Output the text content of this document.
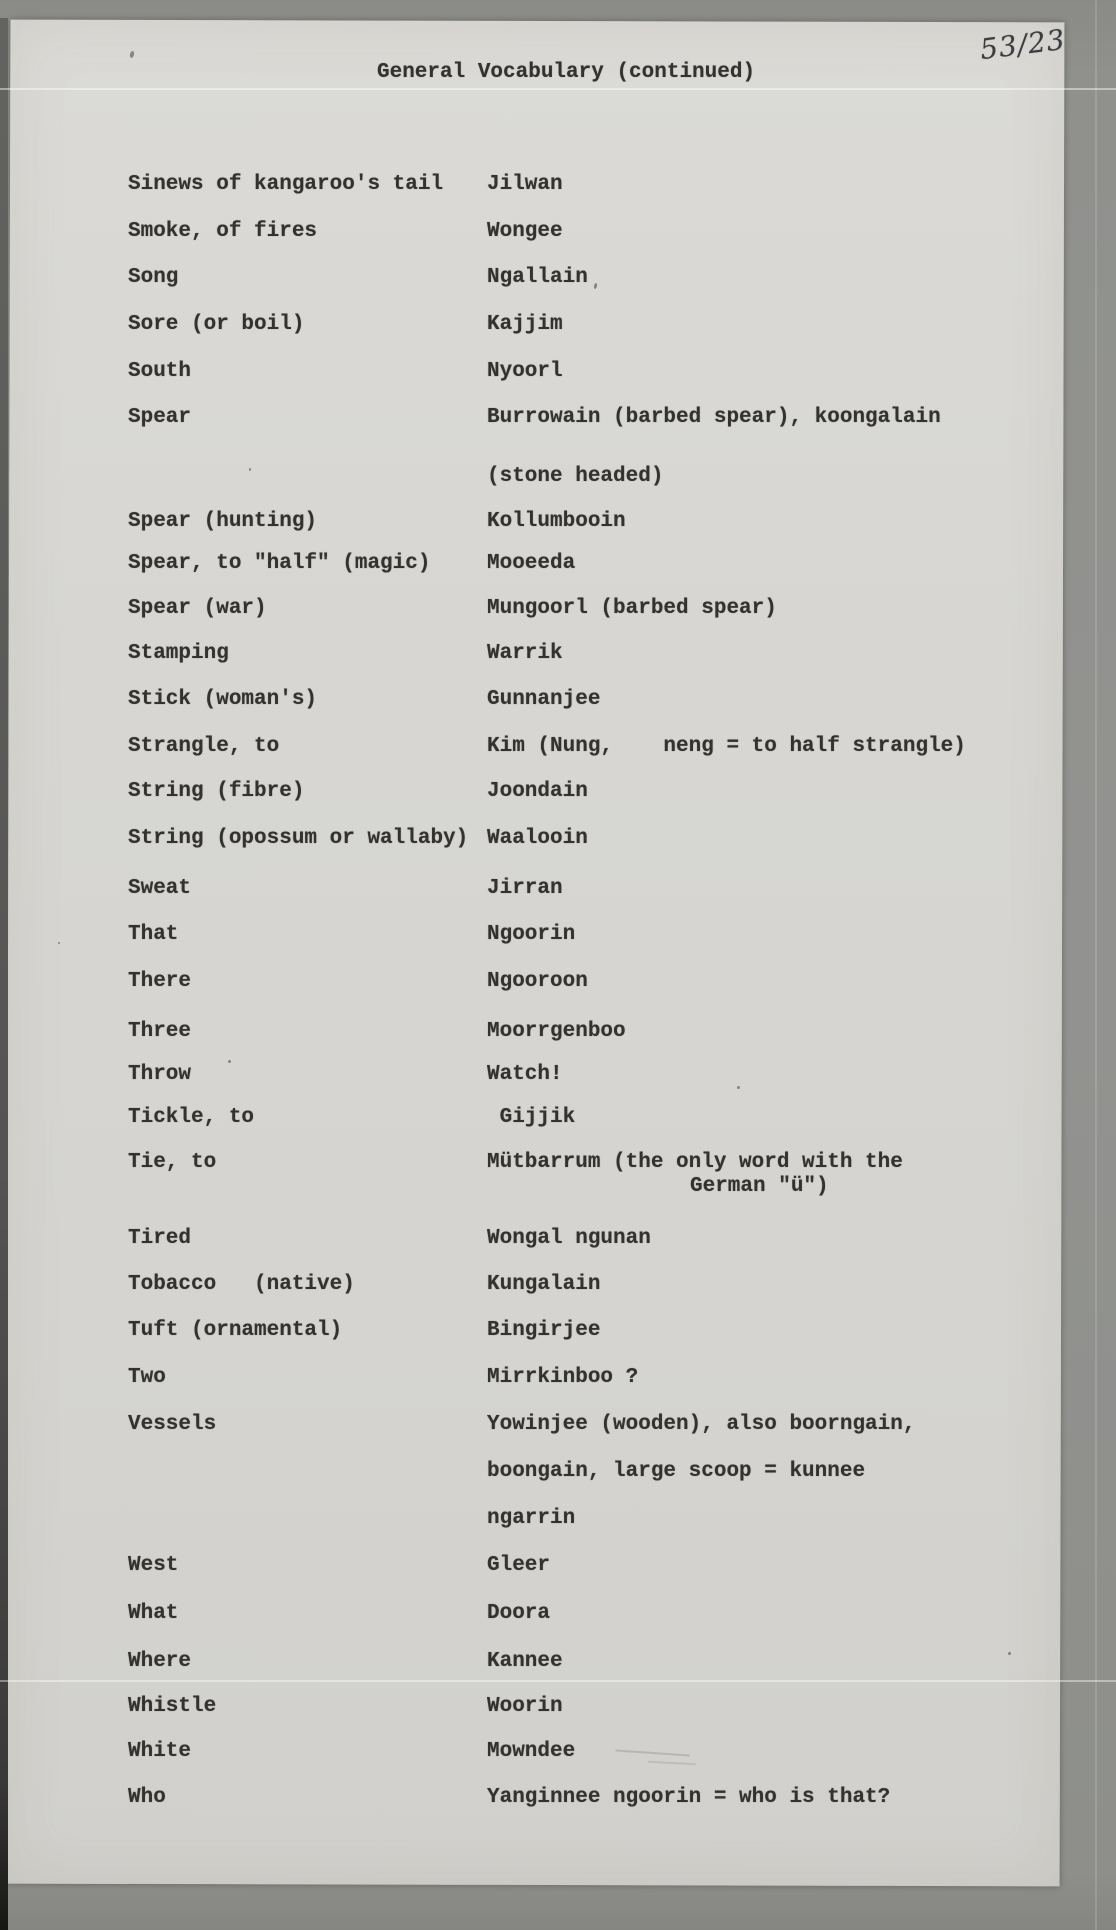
53/23
General Vocabulary (continued)
Sinews of kangaroo's tail Jilwan
Smoke, of fires	Wongee
Song	Ngallain
Sore (or boil)	Kajjim
South	Nyoorl
Spear	Burrowain (barbed spear), koongalain
(stone headed)
Spear (hunting)	Kollumbooin
Spear, to "half" (magic)	Mooeeda
Spear (war)	Mungoorl (barbed spear)
Stamping	Warrik
Stick (woman's)	Gunnanjee
Strangle, to	Kim (Nung,    neng = to half strangle)
String (fibre)	Joondain
String (opossum or wallaby) Waalooin
Sweat	Jirran
That	Ngoorin
There	Ngooroon
Three	Moorrgenboo
Throw	Watch!
Tickle, to	Gijjik
Tie, to	Mütbarrum (the only word with the
German "ü")
Tired	Wongal ngunan
Tobacco   (native)	Kungalain
Tuft (ornamental)	Bingirjee
Two	Mirrkinboo ?
Vessels	Yowinjee (wooden), also boorngain,
boongain, large scoop = kunnee
ngarrin
West	Gleer
What	Doora
Where	Kannee
Whistle	Woorin
White	Mowndee
Who	Yanginnee ngoorin = who is that?
